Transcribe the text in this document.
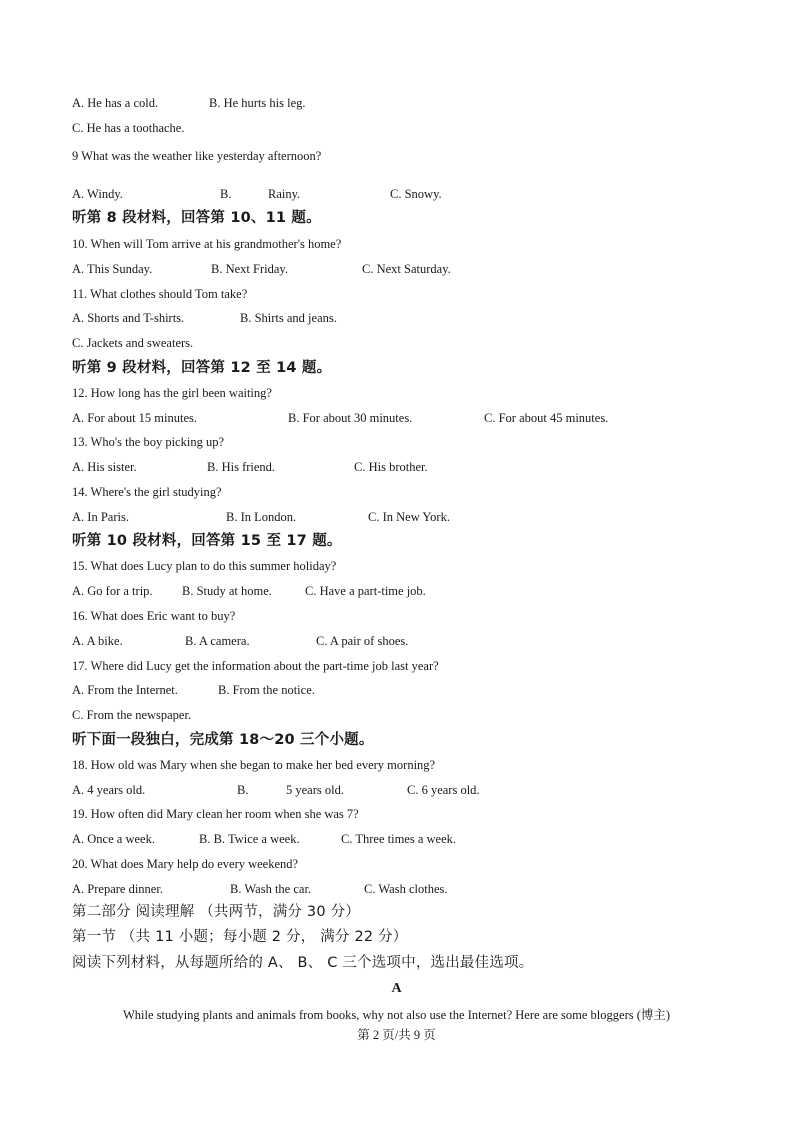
A. He has a cold.	B. He hurts his leg.
C. He has a toothache.
9 What was the weather like yesterday afternoon?
A. Windy.	B.	Rainy.	C. Snowy.
听第 8 段材料，回答第 10、11 题。
10. When will Tom arrive at his grandmother's home?
A. This Sunday.	B. Next Friday.	C. Next Saturday.
11. What clothes should Tom take?
A. Shorts and T-shirts.	B. Shirts and jeans.
C. Jackets and sweaters.
听第 9 段材料，回答第 12 至 14 题。
12. How long has the girl been waiting?
A. For about 15 minutes.	B. For about 30 minutes.	C. For about 45 minutes.
13. Who's the boy picking up?
A. His sister.	B. His friend.	C. His brother.
14. Where's the girl studying?
A. In Paris.	B. In London.	C. In New York.
听第 10 段材料，回答第 15 至 17 题。
15. What does Lucy plan to do this summer holiday?
A. Go for a trip. B. Study at home.	C. Have a part-time job.
16. What does Eric want to buy?
A. A bike.	B. A camera.	C. A pair of shoes.
17. Where did Lucy get the information about the part-time job last year?
A. From the Internet.	B. From the notice.
C. From the newspaper.
听下面一段独白，完成第 18～20 三个小题。
18. How old was Mary when she began to make her bed every morning?
A. 4 years old.	B.	5 years old.	C. 6 years old.
19. How often did Mary clean her room when she was 7?
A. Once a week.	B. B. Twice a week.	C. Three times a week.
20. What does Mary help do every weekend?
A. Prepare dinner.	B. Wash the car.	C. Wash clothes.
第二部分 阅读理解 （共两节，满分 30 分）
第一节 （共 11 小题；每小题 2 分， 满分 22 分）
阅读下列材料，从每题所给的 A、 B、 C 三个选项中，选出最佳选项。
A
While studying plants and animals from books, why not also use the Internet? Here are some bloggers (博主)
第 2 页/共 9 页
